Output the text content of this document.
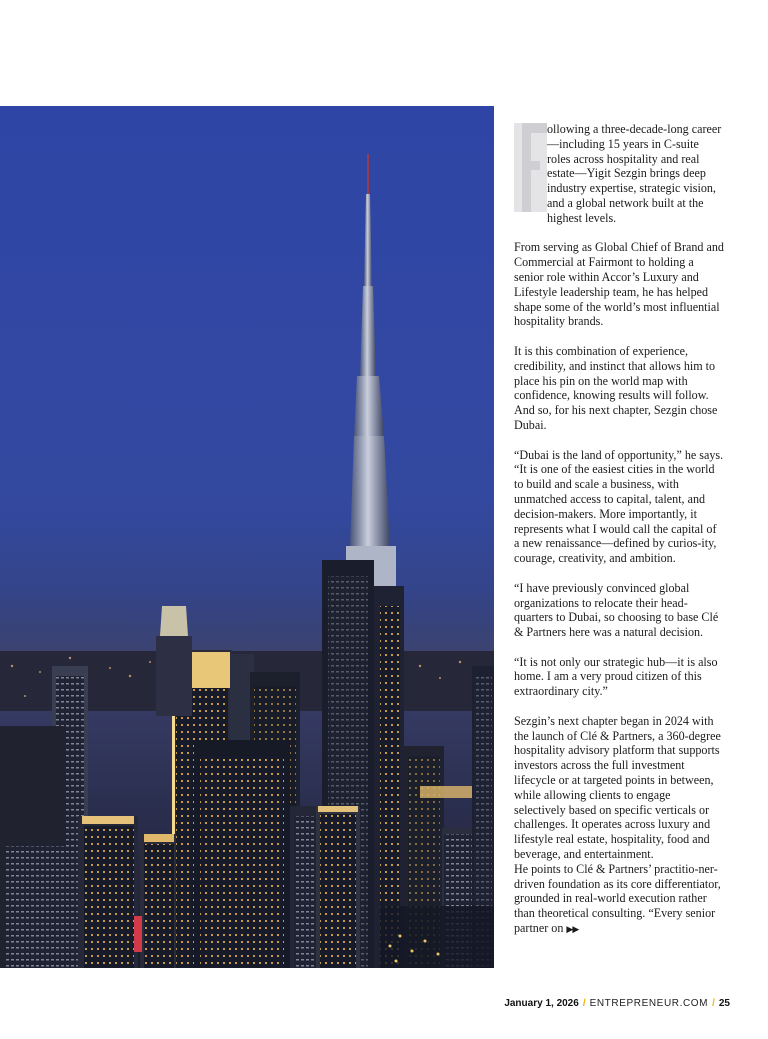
ollowing a three-decade-long career—including 15 years in C-suite roles across hospitality and real estate—Yigit Sezgin brings deep industry expertise, strategic vision, and a global network built at the highest levels.

From serving as Global Chief of Brand and Commercial at Fairmont to holding a senior role within Accor’s Luxury and Lifestyle leadership team, he has helped shape some of the world’s most influential hospitality brands.

It is this combination of experience, credibility, and instinct that allows him to place his pin on the world map with confidence, knowing results will follow. And so, for his next chapter, Sezgin chose Dubai.

“Dubai is the land of opportunity,” he says. “It is one of the easiest cities in the world to build and scale a business, with unmatched access to capital, talent, and decision-makers. More importantly, it represents what I would call the capital of a new renaissance—defined by curios-ity, courage, creativity, and ambition.

“I have previously convinced global organizations to relocate their head-quarters to Dubai, so choosing to base Clé & Partners here was a natural decision.

“It is not only our strategic hub—it is also home. I am a very proud citizen of this extraordinary city.”

Sezgin’s next chapter began in 2024 with the launch of Clé & Partners, a 360-degree hospitality advisory platform that supports investors across the full investment lifecycle or at targeted points in between, while allowing clients to engage selectively based on specific verticals or challenges. It operates across luxury and lifestyle real estate, hospitality, food and beverage, and entertainment.

He points to Clé & Partners’ practitio-ner-driven foundation as its core differentiator, grounded in real-world execution rather than theoretical consulting. “Every senior partner on ▶▶

January 1, 2026 / ENTREPRENEUR.COM / 25
